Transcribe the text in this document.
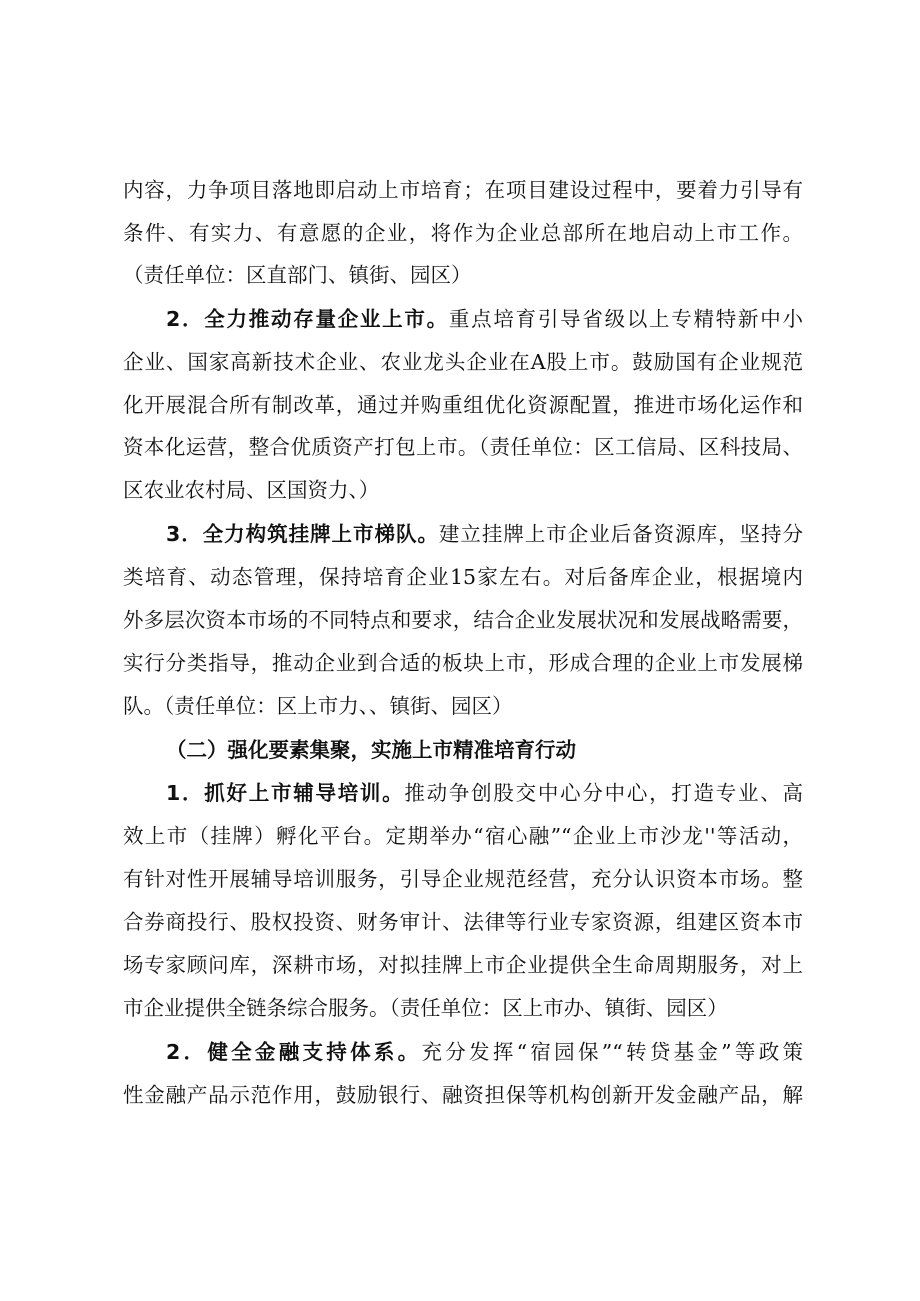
内容，力争项目落地即启动上市培育；在项目建设过程中，要着力引导有
条件、有实力、有意愿的企业，将作为企业总部所在地启动上市工作。
（责任单位：区直部门、镇街、园区）
2．全力推动存量企业上市。重点培育引导省级以上专精特新中小
企业、国家高新技术企业、农业龙头企业在A股上市。鼓励国有企业规范
化开展混合所有制改革，通过并购重组优化资源配置，推进市场化运作和
资本化运营，整合优质资产打包上市。（责任单位：区工信局、区科技局、
区农业农村局、区国资力、）
3．全力构筑挂牌上市梯队。建立挂牌上市企业后备资源库，坚持分
类培育、动态管理，保持培育企业15家左右。对后备库企业，根据境内
外多层次资本市场的不同特点和要求，结合企业发展状况和发展战略需要，
实行分类指导，推动企业到合适的板块上市，形成合理的企业上市发展梯
队。（责任单位：区上市力、、镇街、园区）
（二）强化要素集聚，实施上市精准培育行动
1．抓好上市辅导培训。推动争创股交中心分中心，打造专业、高
效上市（挂牌）孵化平台。定期举办“宿心融”“企业上市沙龙''等活动，
有针对性开展辅导培训服务，引导企业规范经营，充分认识资本市场。整
合券商投行、股权投资、财务审计、法律等行业专家资源，组建区资本市
场专家顾问库，深耕市场，对拟挂牌上市企业提供全生命周期服务，对上
市企业提供全链条综合服务。（责任单位：区上市办、镇街、园区）
2．健全金融支持体系。充分发挥“宿园保”“转贷基金”等政策
性金融产品示范作用，鼓励银行、融资担保等机构创新开发金融产品，解
